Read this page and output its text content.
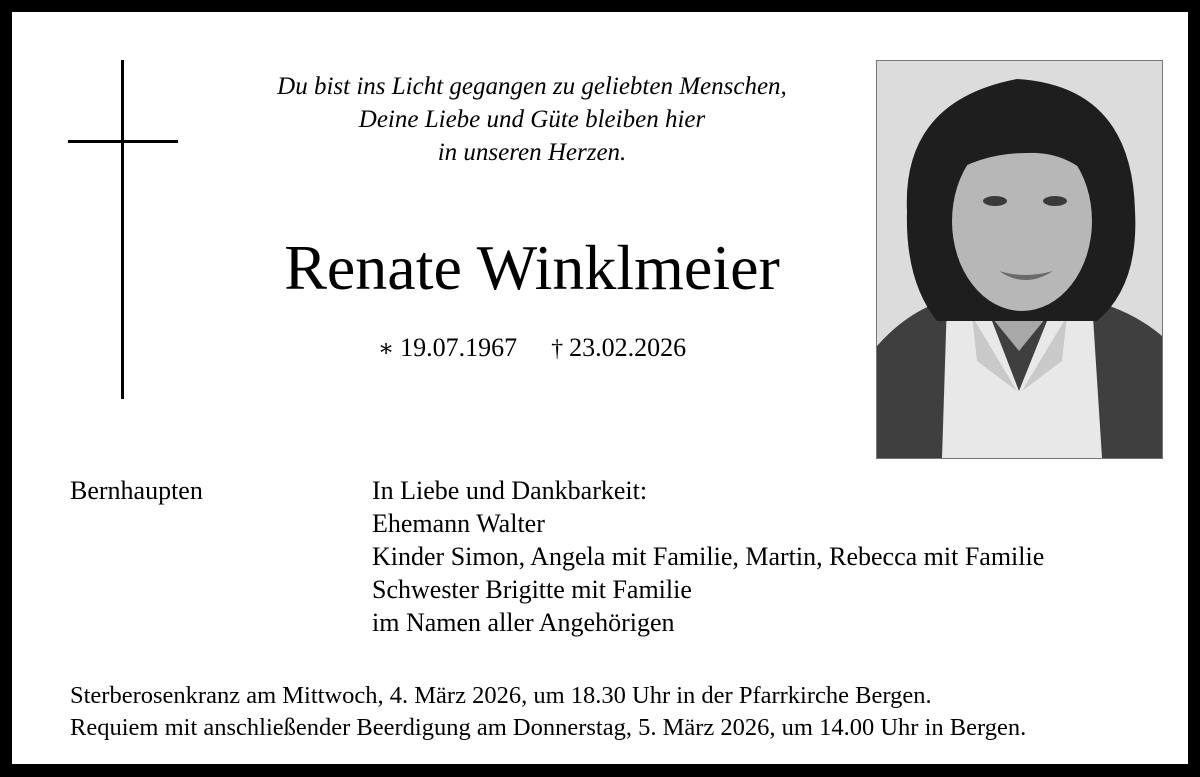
Du bist ins Licht gegangen zu geliebten Menschen,
Deine Liebe und Güte bleiben hier
in unseren Herzen.
Renate Winklmeier
∗ 19.07.1967 † 23.02.2026
Bernhaupten	In Liebe und Dankbarkeit:
Ehemann Walter
Kinder Simon, Angela mit Familie, Martin, Rebecca mit Familie
Schwester Brigitte mit Familie
im Namen aller Angehörigen
Sterberosenkranz am Mittwoch, 4. März 2026, um 18.30 Uhr in der Pfarrkirche Bergen.
Requiem mit anschließender Beerdigung am Donnerstag, 5. März 2026, um 14.00 Uhr in Bergen.
